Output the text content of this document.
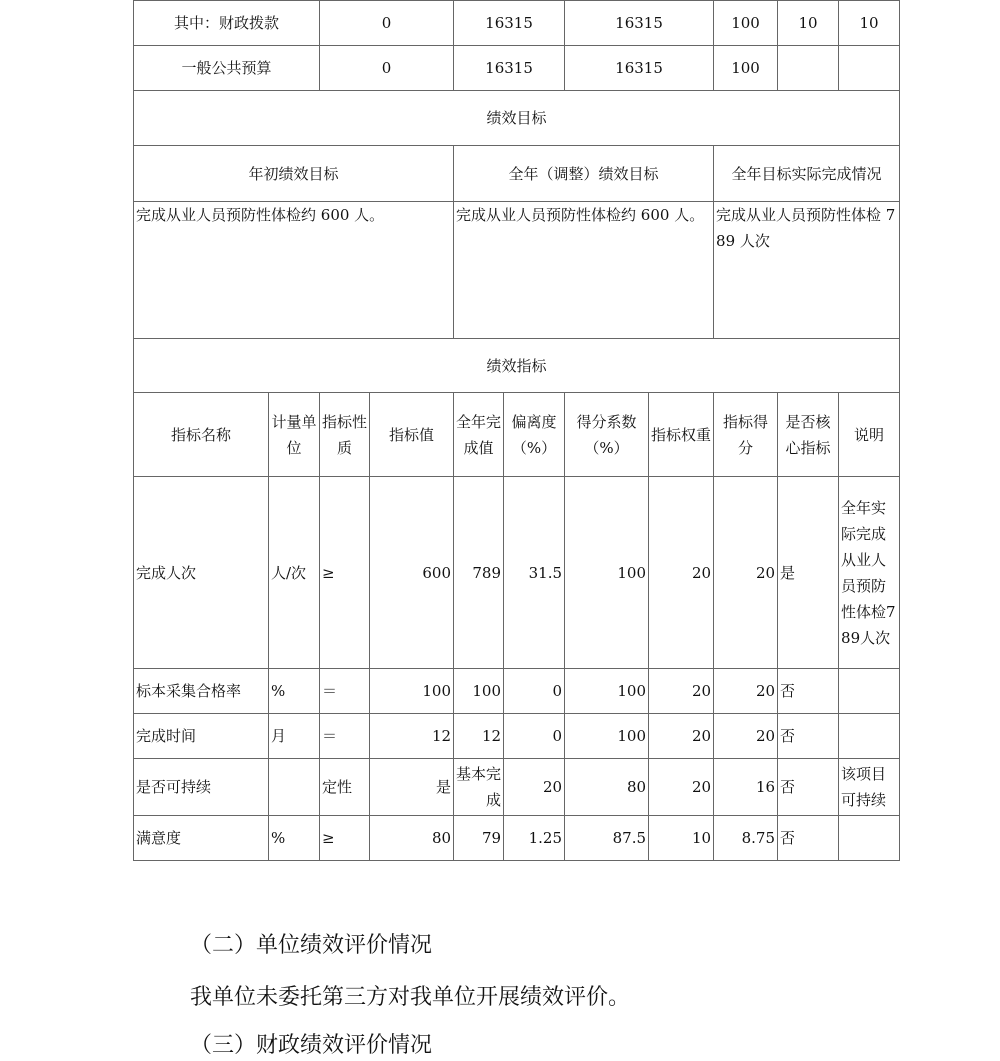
其中：财政拨款		0		16315		16315		100	10	10
一般公共预算		0		16315		16315		100		
绩效目标										
年初绩效目标				全年（调整）绩效目标				全年目标实际完成情况		
完成从业人员预防性体检约 600 人。				完成从业人员预防性体检约 600 人。				完成从业人员预防性体检 789 人次		
绩效指标										
指标名称	计量单位	指标性质	指标值	全年完成值	偏离度（%）	得分系数（%）	指标权重	指标得分	是否核心指标	说明
完成人次	人/次	≥	600	789	31.5	100	20	20	是	全年实际完成从业人员预防性体检789人次
标本采集合格率	%	＝	100	100	0	100	20	20	否	
完成时间	月	＝	12	12	0	100	20	20	否	
是否可持续		定性	是	基本完成	20	80	20	16	否	该项目可持续
满意度	%	≥	80	79	1.25	87.5	10	8.75	否	
（二）单位绩效评价情况
我单位未委托第三方对我单位开展绩效评价。
（三）财政绩效评价情况
